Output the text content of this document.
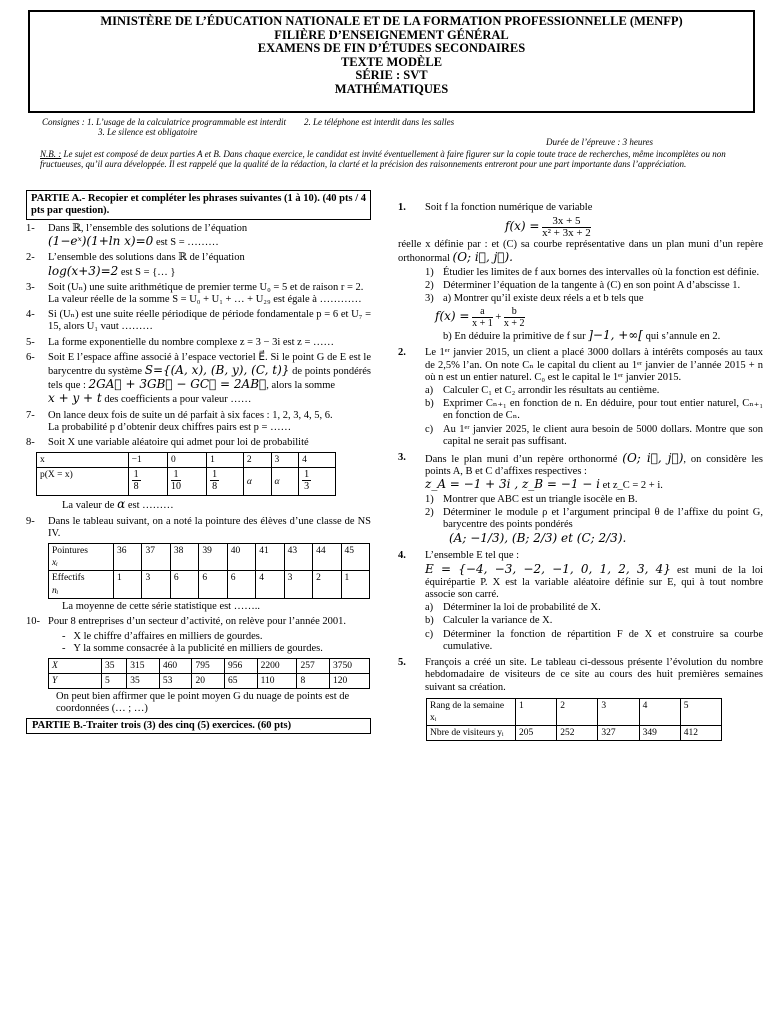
MINISTÈRE DE L’ÉDUCATION NATIONALE ET DE LA FORMATION PROFESSIONNELLE (MENFP)
FILIÈRE D’ENSEIGNEMENT GÉNÉRAL
EXAMENS DE FIN D’ÉTUDES SECONDAIRES
TEXTE MODÈLE
SÉRIE : SVT
MATHÉMATIQUES
Consignes : 1. L’usage de la calculatrice programmable est interdit 2. Le téléphone est interdit dans les salles
3. Le silence est obligatoire
Durée de l’épreuve : 3 heures
N.B. : Le sujet est composé de deux parties A et B. Dans chaque exercice, le candidat est invité éventuellement à faire figurer sur la copie toute trace de recherches, même incomplètes ou non fructueuses, qu’il aura développée. Il est rappelé que la qualité de la rédaction, la clarté et la précision des raisonnements entreront pour une part importante dans l’appréciation.
PARTIE A.- Recopier et compléter les phrases suivantes (1 à 10). (40 pts / 4 pts par question).
1- Dans ℝ, l’ensemble des solutions de l’équation
(1−eˣ)(1+ln x)=0 est S = ………
2- L’ensemble des solutions dans ℝ de l’équation
log(x+3)=2 est S = {… }
3- Soit (Uₙ) une suite arithmétique de premier terme U₀ = 5 et de raison r = 2.
La valeur réelle de la somme S = U₀ + U₁ + … + U₂₉ est égale à …………
4- Si (Uₙ) est une suite réelle périodique de période fondamentale p = 6 et U₇ = 15, alors U₁ vaut ………
5- La forme exponentielle du nombre complexe z = 3 − 3i est z = ……
6- Soit E l’espace affine associé à l’espace vectoriel E⃗. Si le point G de E est le barycentre du système S={(A, x), (B, y), (C, t)} de points pondérés tels que : 2GA⃗ + 3GB⃗ − GC⃗ = 2AB⃗, alors la somme
x + y + t des coefficients a pour valeur ……
7- On lance deux fois de suite un dé parfait à six faces : 1, 2, 3, 4, 5, 6.
La probabilité p d’obtenir deux chiffres pairs est p = ……
8- Soit X une variable aléatoire qui admet pour loi de probabilité
x	−1	0	1	2	3	4
p(X = x)	$\frac{1}{8}$	$\frac{1}{10}$	$\frac{1}{8}$	α	α	$\frac{1}{3}$
La valeur de α est ………
9- Dans le tableau suivant, on a noté la pointure des élèves d’une classe de NS IV.
Pointures
xᵢ	36	37	38	39	40	41	43	44	45
Effectifs
nᵢ	1	3	6	6	6	4	3	2	1
La moyenne de cette série statistique est ……..
10- Pour 8 entreprises d’un secteur d’activité, on relève pour l’année 2001.
-   X le chiffre d’affaires en milliers de gourdes.
-   Y la somme consacrée à la publicité en milliers de gourdes.
X	35	315	460	795	956	2200	257	3750
Y	5	35	53	20	65	110	8	120
On peut bien affirmer que le point moyen G du nuage de points est de coordonnées (… ; …)
PARTIE B.-Traiter trois (3) des cinq (5) exercices. (60 pts)
1. Soit f la fonction numérique de variable
$f(x) = \frac{3x + 5}{\text{x² + 3x + 2}}$
réelle x définie par : et (C) sa courbe représentative dans un plan muni d’un repère orthonormal (O; i⃗, j⃗).
1) Étudier les limites de f aux bornes des intervalles où la fonction est définie.
2) Déterminer l’équation de la tangente à (C) en son point A d’abscisse 1.
3) a) Montrer qu’il existe deux réels a et b tels que
$f(x) = \frac{a}{x + 1} + \frac{b}{x + 2}$
b) En déduire la primitive de f sur ]−1, +∞[ qui s’annule en 2.
2. Le 1ᵉʳ janvier 2015, un client a placé 3000 dollars à intérêts composés au taux de 2,5% l’an. On note Cₙ le capital du client au 1ᵉʳ janvier de l’année 2015 + n où n est un entier naturel. C₀ est le capital le 1ᵉʳ janvier 2015.
a) Calculer C₁ et C₂ arrondir les résultats au centième.
b) Exprimer Cₙ₊₁ en fonction de n. En déduire, pour tout entier naturel, Cₙ₊₁ en fonction de Cₙ.
c) Au 1ᵉʳ janvier 2025, le client aura besoin de 5000 dollars. Montre que son capital ne serait pas suffisant.
3. Dans le plan muni d’un repère orthonormé (O; i⃗, j⃗), on considère les points A, B et C d’affixes respectives :
z_A = −1 + 3i , z_B = −1 − i et z_C = 2 + i.
1) Montrer que ABC est un triangle isocèle en B.
2) Déterminer le module ρ et l’argument principal θ de l’affixe du point G, barycentre des points pondérés
(A; −1/3), (B; 2/3) et (C; 2/3).
4. L’ensemble E tel que :
E = {−4, −3, −2, −1, 0, 1, 2, 3, 4} est muni de la loi équirépartie P. X est la variable aléatoire définie sur E, qui à tout nombre associe son carré.
a) Déterminer la loi de probabilité de X.
b) Calculer la variance de X.
c) Déterminer la fonction de répartition F de X et construire sa courbe cumulative.
5. François a créé un site. Le tableau ci-dessous présente l’évolution du nombre hebdomadaire de visiteurs de ce site au cours des huit premières semaines suivant sa création.
Rang de la semaine xᵢ	1	2	3	4	5
Nbre de visiteurs yᵢ	205	252	327	349	412
